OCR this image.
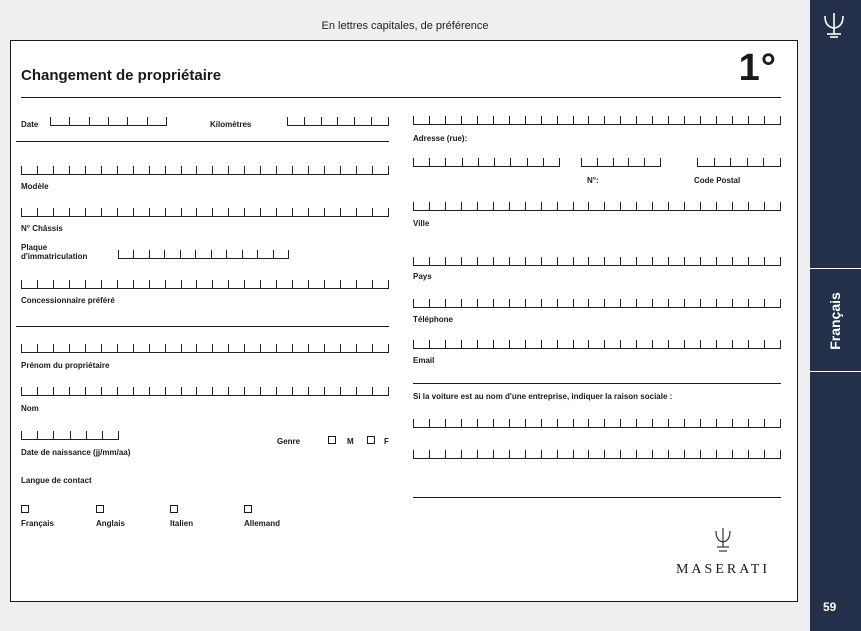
En lettres capitales, de préférence
Changement de propriétaire	1°
Date	Kilomètres
Modèle
N° Châssis
Plaque
d'immatriculation
Concessionnaire préféré
Prénom du propriétaire
Nom
Date de naissance (jj/mm/aa)
Genre	M	F
Langue de contact
Français	Anglais	Italien	Allemand
Adresse (rue):
N°:	Code Postal
Ville
Pays
Téléphone
Email
Si la voiture est au nom d'une entreprise, indiquer la raison sociale :
MASERATI
Français
59
